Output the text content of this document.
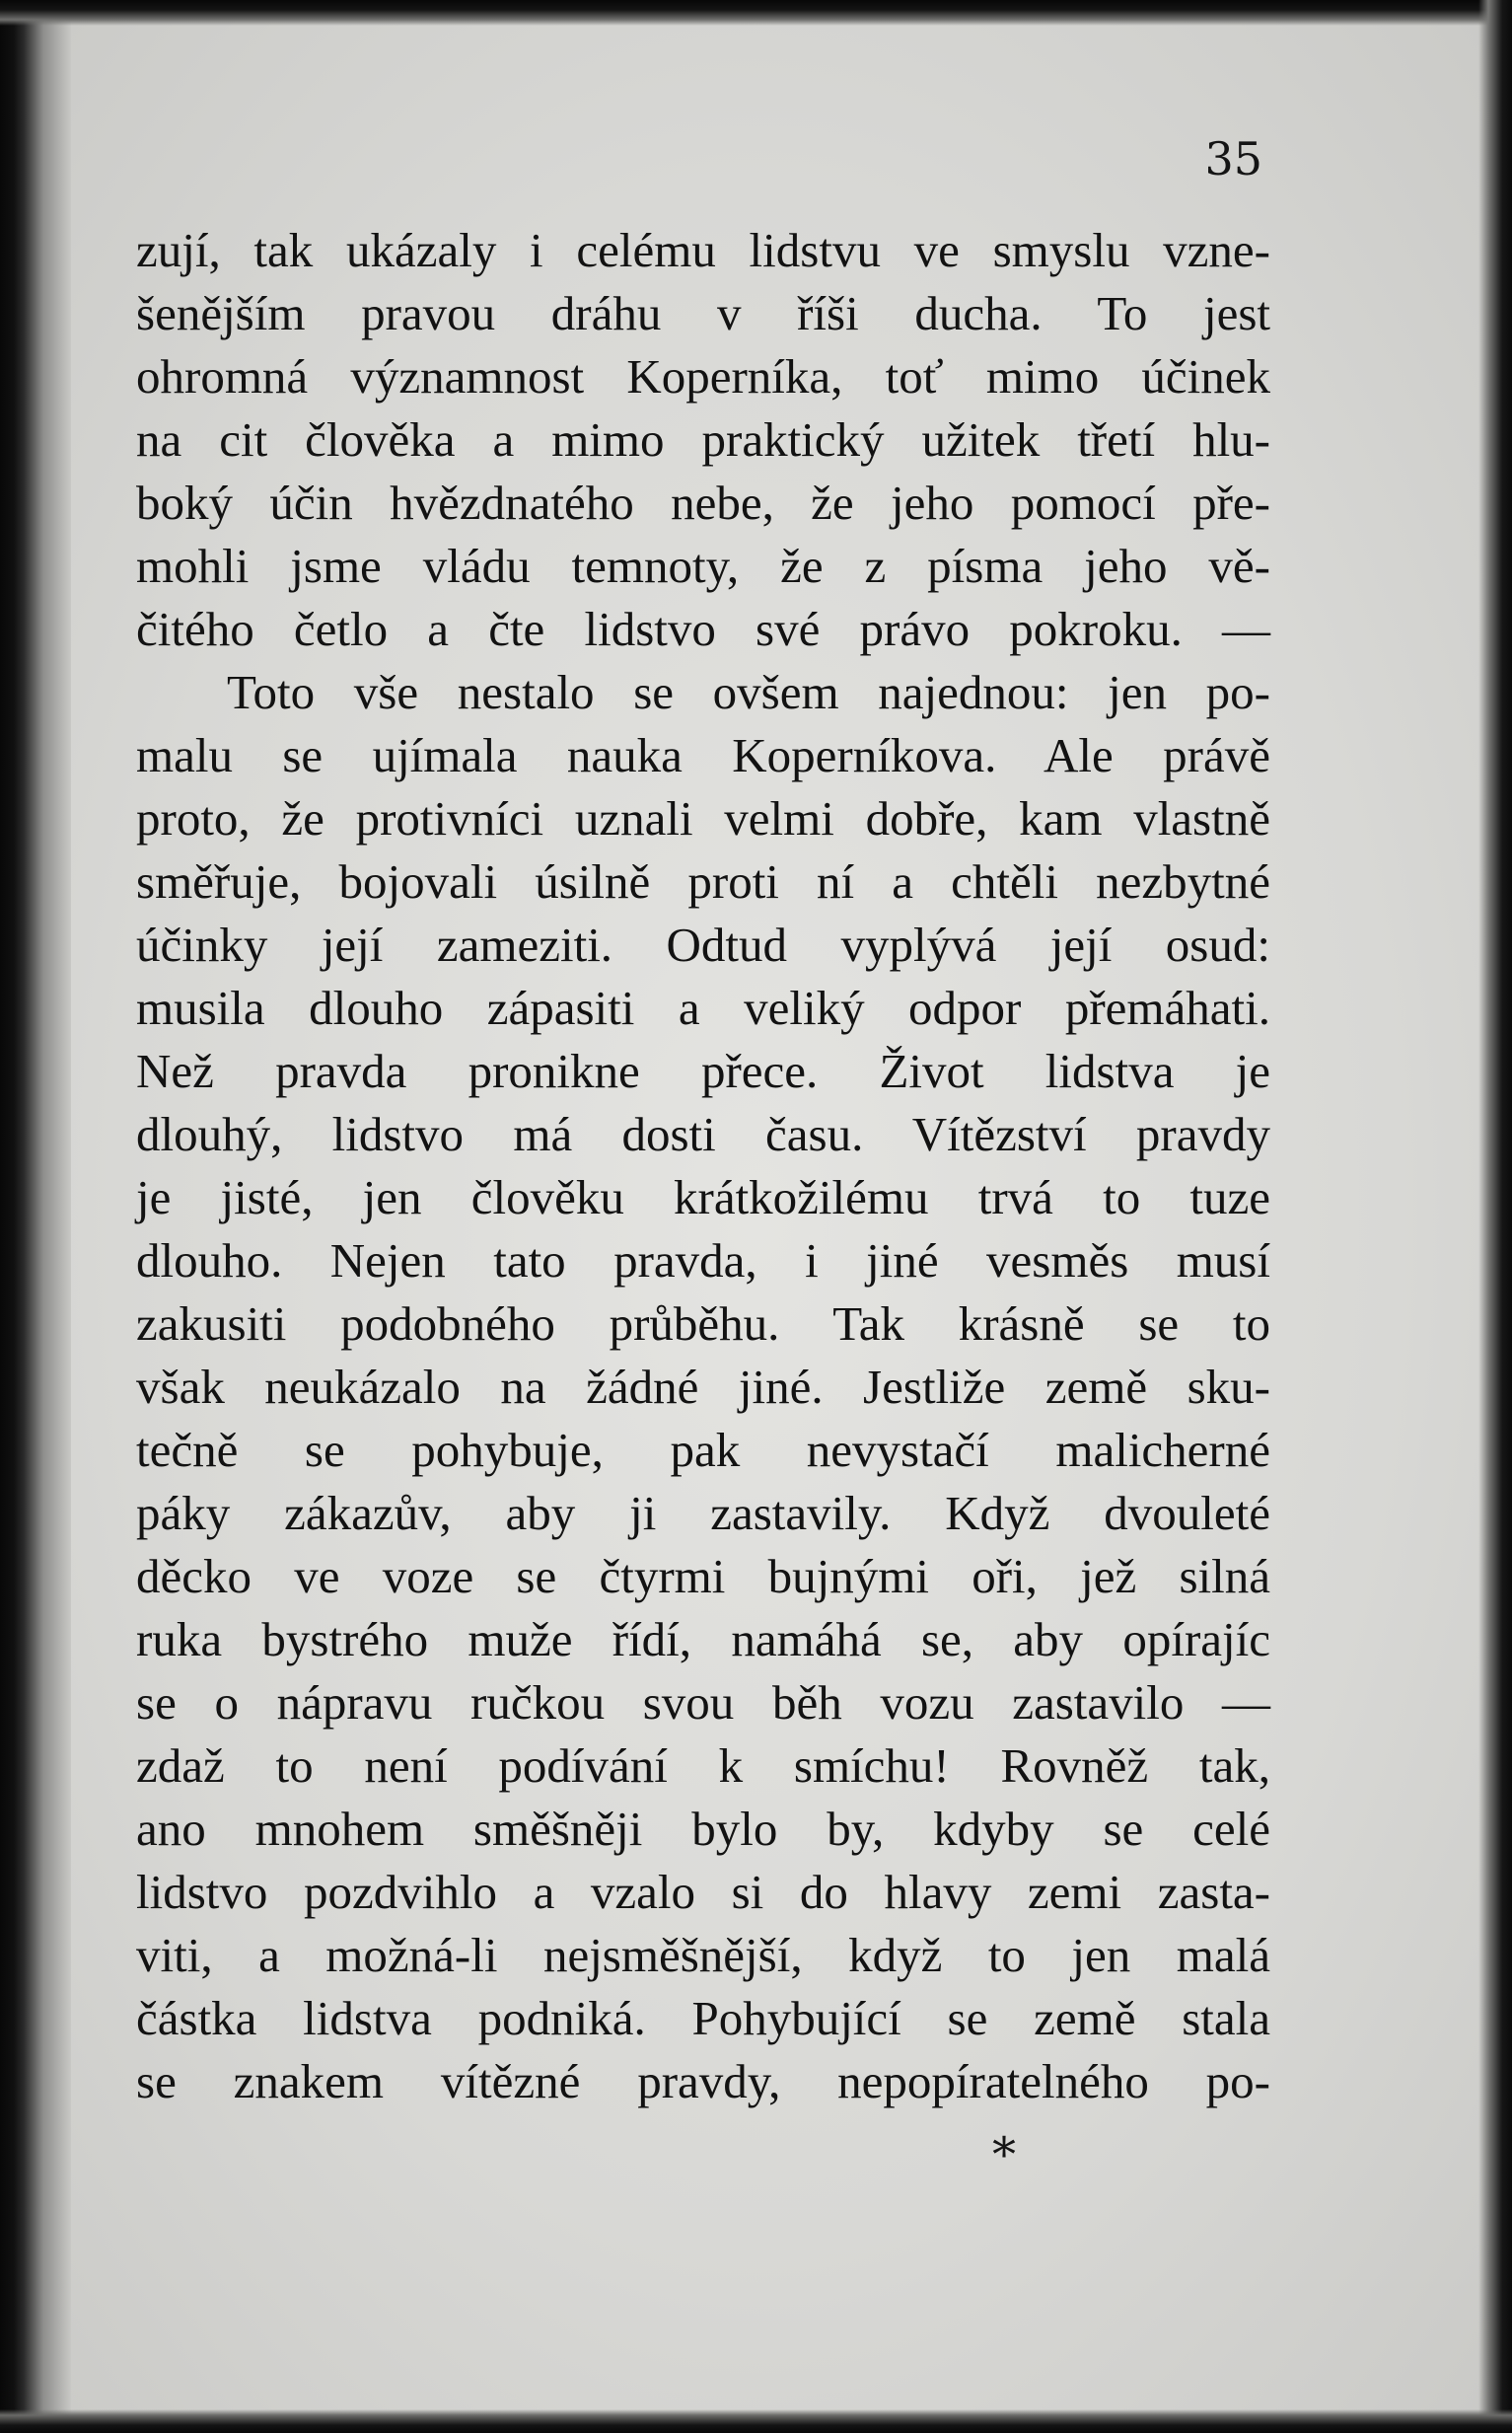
35
zují, tak ukázaly i celému lidstvu ve smyslu vzne-
šenějším pravou dráhu v říši ducha. To jest
ohromná významnost Koperníka, toť mimo účinek
na cit člověka a mimo praktický užitek třetí hlu-
boký účin hvězdnatého nebe, že jeho pomocí pře-
mohli jsme vládu temnoty, že z písma jeho vě-
čitého četlo a čte lidstvo své právo pokroku. —
Toto vše nestalo se ovšem najednou: jen po-
malu se ujímala nauka Koperníkova. Ale právě
proto, že protivníci uznali velmi dobře, kam vlastně
směřuje, bojovali úsilně proti ní a chtěli nezbytné
účinky její zameziti. Odtud vyplývá její osud:
musila dlouho zápasiti a veliký odpor přemáhati.
Než pravda pronikne přece. Život lidstva je
dlouhý, lidstvo má dosti času. Vítězství pravdy
je jisté, jen člověku krátkožilému trvá to tuze
dlouho. Nejen tato pravda, i jiné vesměs musí
zakusiti podobného průběhu. Tak krásně se to
však neukázalo na žádné jiné. Jestliže země sku-
tečně se pohybuje, pak nevystačí malicherné
páky zákazův, aby ji zastavily. Když dvouleté
děcko ve voze se čtyrmi bujnými oři, jež silná
ruka bystrého muže řídí, namáhá se, aby opírajíc
se o nápravu ručkou svou běh vozu zastavilo —
zdaž to není podívání k smíchu! Rovněž tak,
ano mnohem směšněji bylo by, kdyby se celé
lidstvo pozdvihlo a vzalo si do hlavy zemi zasta-
viti, a možná-li nejsměšnější, když to jen malá
částka lidstva podniká. Pohybující se země stala
se znakem vítězné pravdy, nepopíratelného po-
*
